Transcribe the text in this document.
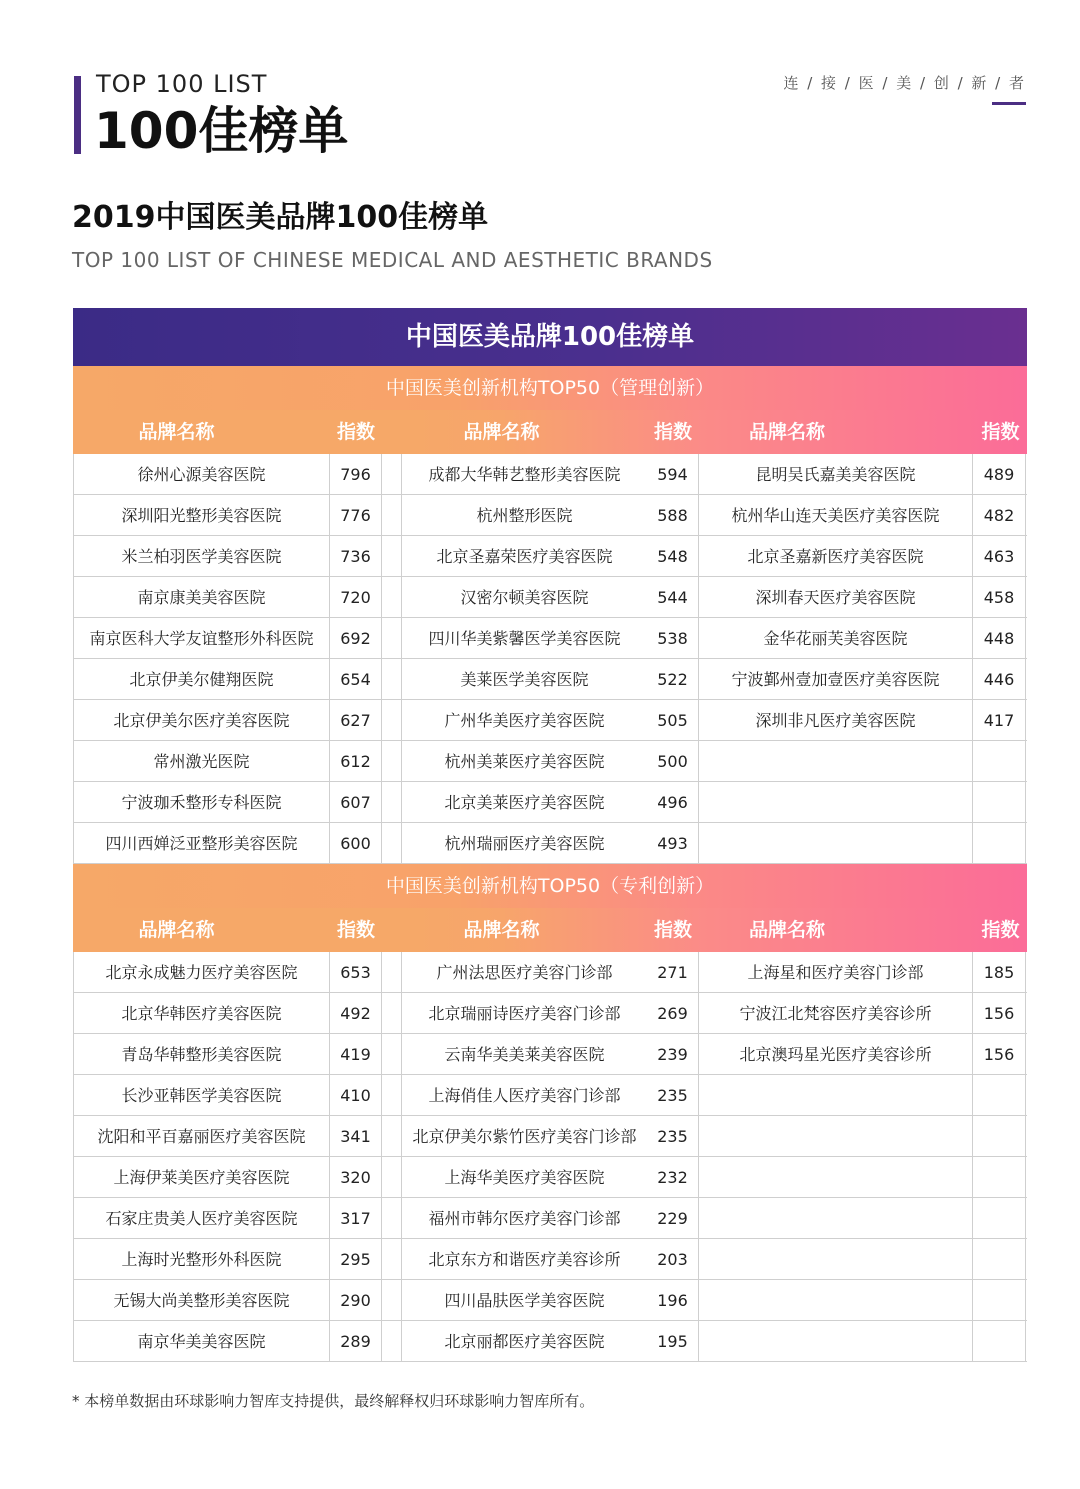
TOP 100 LIST
100佳榜单
连 / 接 / 医 / 美 / 创 / 新 / 者
2019中国医美品牌100佳榜单
TOP 100 LIST OF CHINESE MEDICAL AND AESTHETIC BRANDS
中国医美品牌100佳榜单
中国医美创新机构TOP50（管理创新）
品牌名称	指数	品牌名称	指数	品牌名称	指数
徐州心源美容医院	796	成都大华韩艺整形美容医院	594	昆明吴氏嘉美美容医院	489
深圳阳光整形美容医院	776	杭州整形医院	588	杭州华山连天美医疗美容医院	482
米兰柏羽医学美容医院	736	北京圣嘉荣医疗美容医院	548	北京圣嘉新医疗美容医院	463
南京康美美容医院	720	汉密尔顿美容医院	544	深圳春天医疗美容医院	458
南京医科大学友谊整形外科医院	692	四川华美紫馨医学美容医院	538	金华花丽芙美容医院	448
北京伊美尔健翔医院	654	美莱医学美容医院	522	宁波鄞州壹加壹医疗美容医院	446
北京伊美尔医疗美容医院	627	广州华美医疗美容医院	505	深圳非凡医疗美容医院	417
常州激光医院	612	杭州美莱医疗美容医院	500
宁波珈禾整形专科医院	607	北京美莱医疗美容医院	496
四川西婵泛亚整形美容医院	600	杭州瑞丽医疗美容医院	493
中国医美创新机构TOP50（专利创新）
品牌名称	指数	品牌名称	指数	品牌名称	指数
北京永成魅力医疗美容医院	653	广州法思医疗美容门诊部	271	上海星和医疗美容门诊部	185
北京华韩医疗美容医院	492	北京瑞丽诗医疗美容门诊部	269	宁波江北梵容医疗美容诊所	156
青岛华韩整形美容医院	419	云南华美美莱美容医院	239	北京澳玛星光医疗美容诊所	156
长沙亚韩医学美容医院	410	上海俏佳人医疗美容门诊部	235
沈阳和平百嘉丽医疗美容医院	341	北京伊美尔紫竹医疗美容门诊部	235
上海伊莱美医疗美容医院	320	上海华美医疗美容医院	232
石家庄贵美人医疗美容医院	317	福州市韩尔医疗美容门诊部	229
上海时光整形外科医院	295	北京东方和谐医疗美容诊所	203
无锡大尚美整形美容医院	290	四川晶肤医学美容医院	196
南京华美美容医院	289	北京丽都医疗美容医院	195
* 本榜单数据由环球影响力智库支持提供，最终解释权归环球影响力智库所有。
